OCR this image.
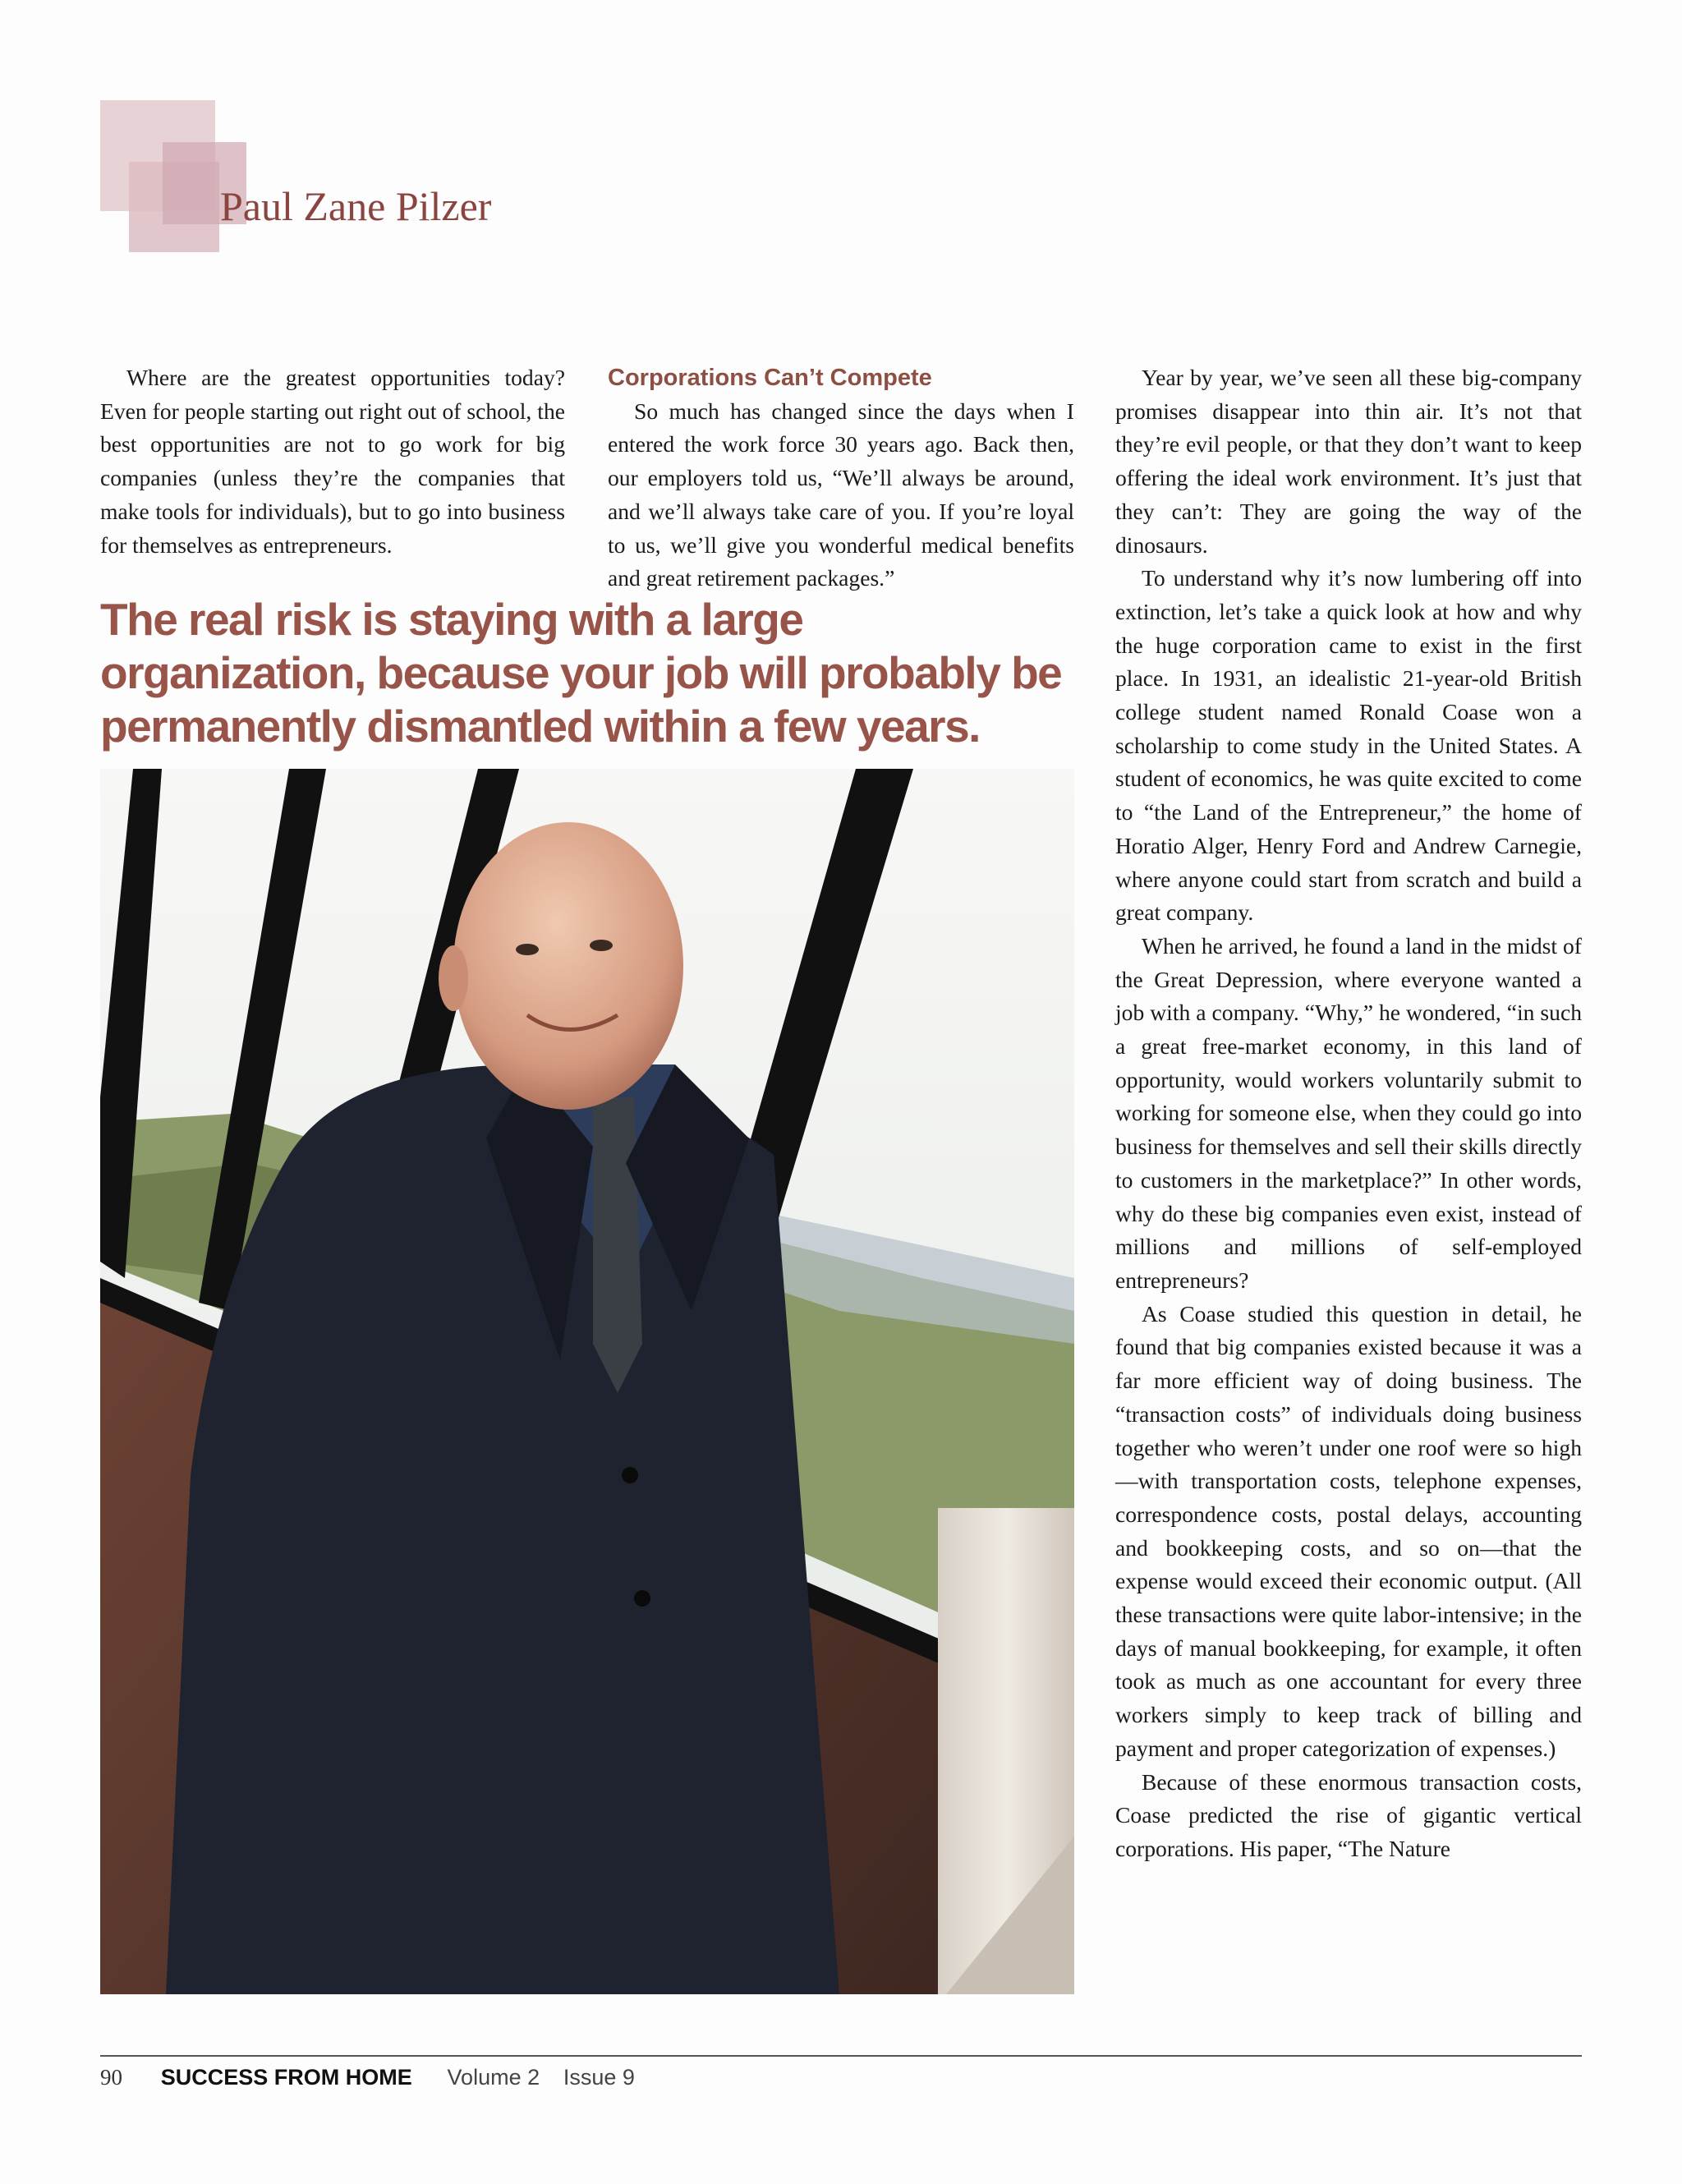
Paul Zane Pilzer

Where are the greatest opportunities today? Even for people starting out right out of school, the best opportunities are not to go work for big companies (unless they’re the companies that make tools for individuals), but to go into business for themselves as entrepreneurs.

Corporations Can’t Compete

So much has changed since the days when I entered the work force 30 years ago. Back then, our employers told us, “We’ll always be around, and we’ll always take care of you. If you’re loyal to us, we’ll give you wonderful medical benefits and great retirement packages.”

The real risk is staying with a large organization, because your job will probably be permanently dismantled within a few years.

Year by year, we’ve seen all these big-company promises disappear into thin air. It’s not that they’re evil people, or that they don’t want to keep offering the ideal work environment. It’s just that they can’t: They are going the way of the dinosaurs.

To understand why it’s now lumbering off into extinction, let’s take a quick look at how and why the huge corporation came to exist in the first place. In 1931, an idealistic 21-year-old British college student named Ronald Coase won a scholarship to come study in the United States. A student of economics, he was quite excited to come to “the Land of the Entrepreneur,” the home of Horatio Alger, Henry Ford and Andrew Carnegie, where anyone could start from scratch and build a great company.

When he arrived, he found a land in the midst of the Great Depression, where everyone wanted a job with a company. “Why,” he wondered, “in such a great free-market economy, in this land of opportunity, would workers voluntarily submit to working for someone else, when they could go into business for themselves and sell their skills directly to customers in the marketplace?” In other words, why do these big companies even exist, instead of millions and millions of self-employed entrepreneurs?

As Coase studied this question in detail, he found that big companies existed because it was a far more efficient way of doing business. The “transaction costs” of individuals doing business together who weren’t under one roof were so high—with transportation costs, telephone expenses, correspondence costs, postal delays, accounting and bookkeeping costs, and so on—that the expense would exceed their economic output. (All these transactions were quite labor-intensive; in the days of manual bookkeeping, for example, it often took as much as one accountant for every three workers simply to keep track of billing and payment and proper categorization of expenses.)

Because of these enormous transaction costs, Coase predicted the rise of gigantic vertical corporations. His paper, “The Nature

90 SUCCESS FROM HOME Volume 2 Issue 9
